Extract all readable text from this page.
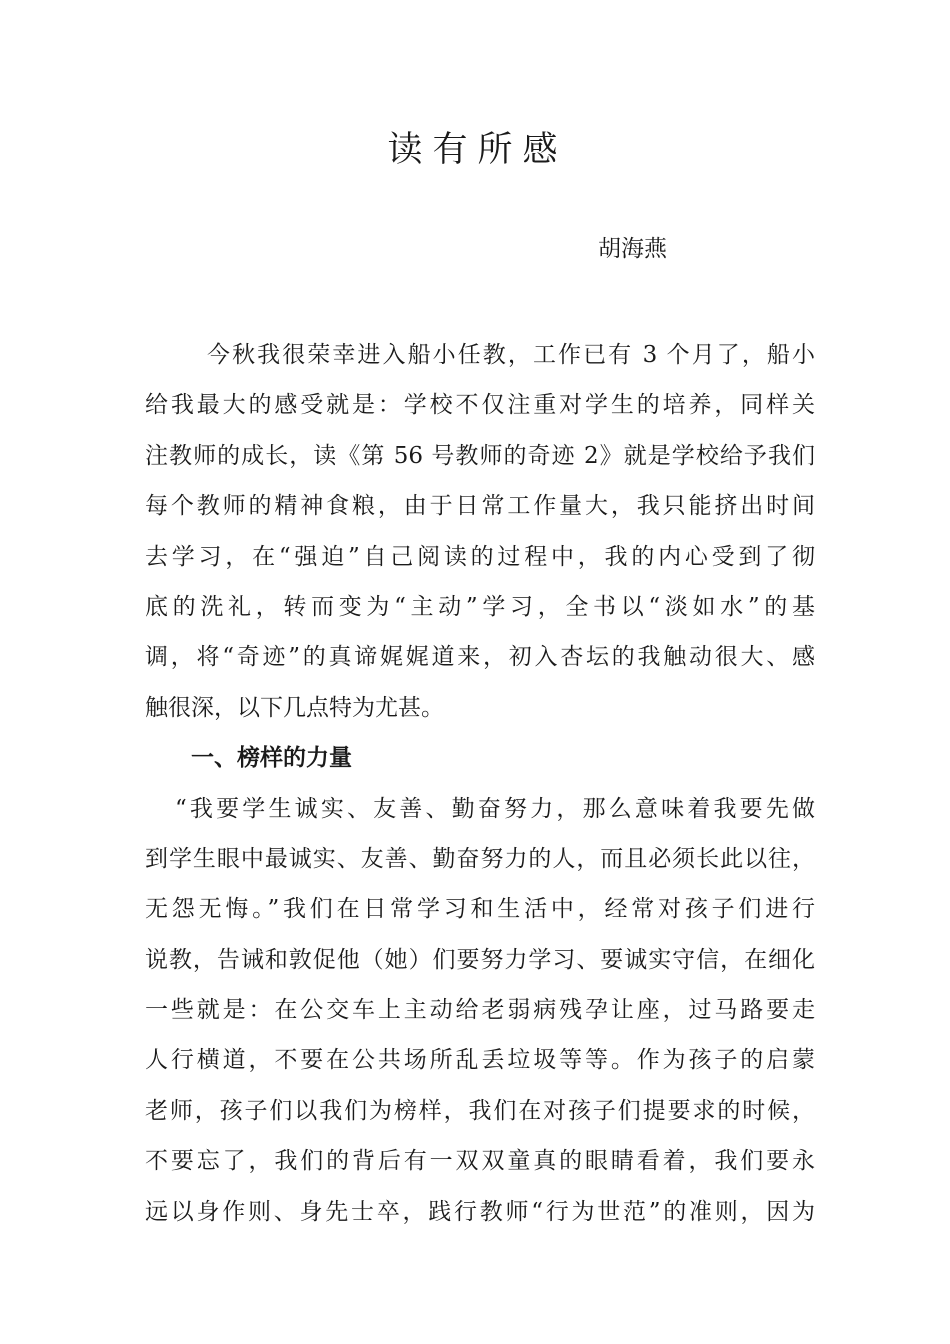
读有所感
胡海燕
今秋我很荣幸进入船小任教，工作已有 3 个月了，船小
给我最大的感受就是：学校不仅注重对学生的培养，同样关
注教师的成长，读《第 56 号教师的奇迹 2》就是学校给予我们
每个教师的精神食粮，由于日常工作量大，我只能挤出时间
去学习，在“强迫”自己阅读的过程中，我的内心受到了彻
底的洗礼，转而变为“主动”学习，全书以“淡如水”的基
调，将“奇迹”的真谛娓娓道来，初入杏坛的我触动很大、感
触很深，以下几点特为尤甚。
一、榜样的力量
“我要学生诚实、友善、勤奋努力，那么意味着我要先做
到学生眼中最诚实、友善、勤奋努力的人，而且必须长此以往，
无怨无悔。”我们在日常学习和生活中，经常对孩子们进行
说教，告诫和敦促他（她）们要努力学习、要诚实守信，在细化
一些就是：在公交车上主动给老弱病残孕让座，过马路要走
人行横道，不要在公共场所乱丢垃圾等等。作为孩子的启蒙
老师，孩子们以我们为榜样，我们在对孩子们提要求的时候，
不要忘了，我们的背后有一双双童真的眼睛看着，我们要永
远以身作则、身先士卒，践行教师“行为世范”的准则，因为
